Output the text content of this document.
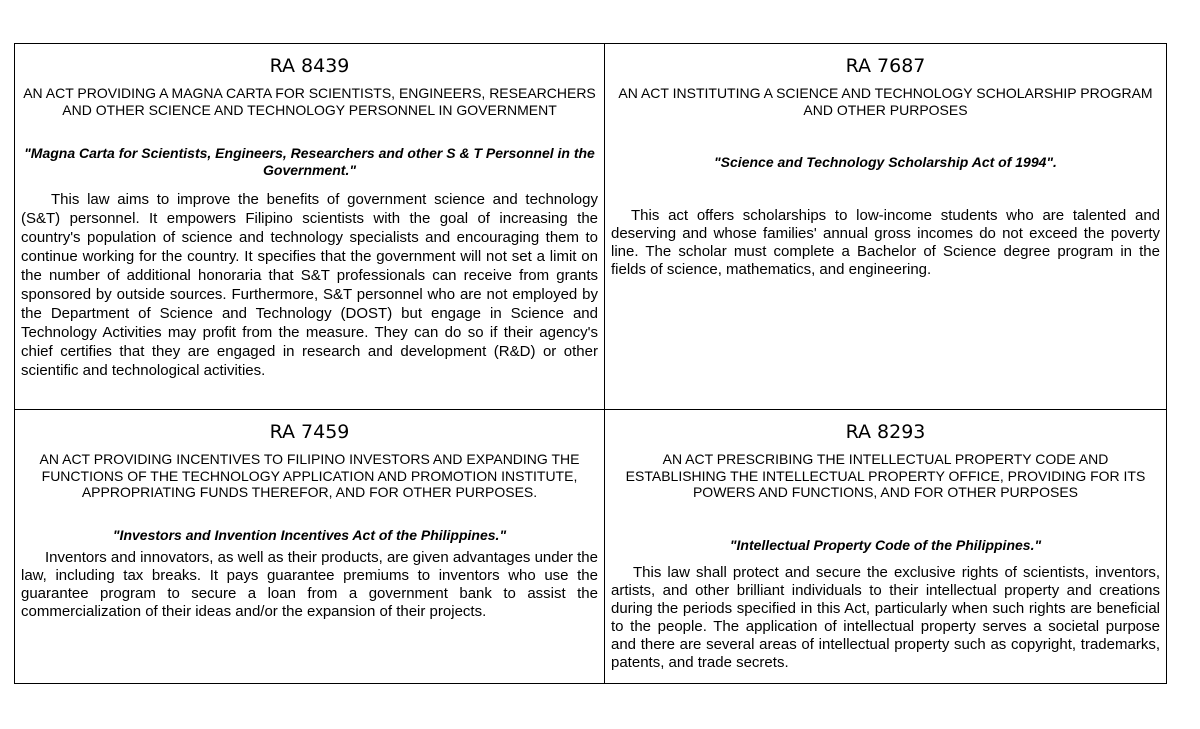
RA 8439
AN ACT PROVIDING A MAGNA CARTA FOR SCIENTISTS, ENGINEERS, RESEARCHERS AND OTHER SCIENCE AND TECHNOLOGY PERSONNEL IN GOVERNMENT
"Magna Carta for Scientists, Engineers, Researchers and other S & T Personnel in the Government."
This law aims to improve the benefits of government science and technology (S&T) personnel. It empowers Filipino scientists with the goal of increasing the country's population of science and technology specialists and encouraging them to continue working for the country. It specifies that the government will not set a limit on the number of additional honoraria that S&T professionals can receive from grants sponsored by outside sources. Furthermore, S&T personnel who are not employed by the Department of Science and Technology (DOST) but engage in Science and Technology Activities may profit from the measure. They can do so if their agency's chief certifies that they are engaged in research and development (R&D) or other scientific and technological activities.
RA 7687
AN ACT INSTITUTING A SCIENCE AND TECHNOLOGY SCHOLARSHIP PROGRAM AND OTHER PURPOSES
"Science and Technology Scholarship Act of 1994".
This act offers scholarships to low-income students who are talented and deserving and whose families' annual gross incomes do not exceed the poverty line. The scholar must complete a Bachelor of Science degree program in the fields of science, mathematics, and engineering.
RA 7459
AN ACT PROVIDING INCENTIVES TO FILIPINO INVESTORS AND EXPANDING THE FUNCTIONS OF THE TECHNOLOGY APPLICATION AND PROMOTION INSTITUTE, APPROPRIATING FUNDS THEREFOR, AND FOR OTHER PURPOSES.
"Investors and Invention Incentives Act of the Philippines."
Inventors and innovators, as well as their products, are given advantages under the law, including tax breaks. It pays guarantee premiums to inventors who use the guarantee program to secure a loan from a government bank to assist the commercialization of their ideas and/or the expansion of their projects.
RA 8293
AN ACT PRESCRIBING THE INTELLECTUAL PROPERTY CODE AND ESTABLISHING THE INTELLECTUAL PROPERTY OFFICE, PROVIDING FOR ITS POWERS AND FUNCTIONS, AND FOR OTHER PURPOSES
"Intellectual Property Code of the Philippines."
This law shall protect and secure the exclusive rights of scientists, inventors, artists, and other brilliant individuals to their intellectual property and creations during the periods specified in this Act, particularly when such rights are beneficial to the people. The application of intellectual property serves a societal purpose and there are several areas of intellectual property such as copyright, trademarks, patents, and trade secrets.
